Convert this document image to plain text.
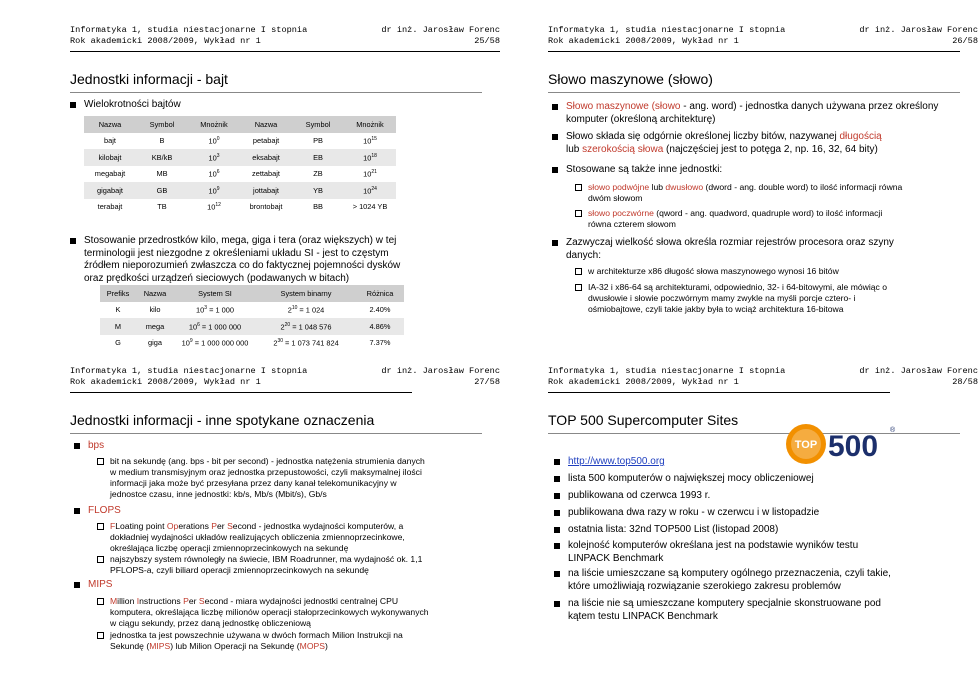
Informatyka 1, studia niestacjonarne I stopnia
Rok akademicki 2008/2009, Wykład nr 1
dr inż. Jarosław Forenc
25/58
Jednostki informacji - bajt
Wielokrotności bajtów
Nazwa	Symbol	Mnożnik	Nazwa	Symbol	Mnożnik
bajt	B	$10^0$	petabajt	PB	$10^{15}$
kilobajt	KB/kB	$10^3$	eksabajt	EB	$10^{18}$
megabajt	MB	$10^6$	zettabajt	ZB	$10^{21}$
gigabajt	GB	$10^9$	jottabajt	YB	$10^{24}$
terabajt	TB	$10^{12}$	brontobajt	BB	> 1024 YB
Stosowanie przedrostków kilo, mega, giga i tera (oraz większych) w tej terminologii jest niezgodne z określeniami układu SI - jest to częstym źródłem nieporozumień zwłaszcza co do faktycznej pojemności dysków oraz prędkości urządzeń sieciowych (podawanych w bitach)
Prefiks	Nazwa	System SI	System binarny	Różnica
K	kilo	$10^3 = 1$ 000	$2^{10} = 1$ 024	2.40%
M	mega	$10^6 = 1$ 000 000	$2^{20} = 1$ 048 576	4.86%
G	giga	$10^9 = 1$ 000 000 000	$2^{30} = 1$ 073 741 824	7.37%
Informatyka 1, studia niestacjonarne I stopnia
Rok akademicki 2008/2009, Wykład nr 1
dr inż. Jarosław Forenc
26/58
Słowo maszynowe (słowo)
Słowo maszynowe (słowo - ang. word) - jednostka danych używana przez określony komputer (określoną architekturę)
Słowo składa się odgórnie określonej liczby bitów, nazywanej długością
lub szerokością słowa (najczęściej jest to potęga 2, np. 16, 32, 64 bity)
Stosowane są także inne jednostki:
słowo podwójne lub dwusłowo (dword - ang. double word) to ilość informacji równa dwóm słowom
słowo poczwórne (qword - ang. quadword, quadruple word) to ilość informacji równa czterem słowom
Zazwyczaj wielkość słowa określa rozmiar rejestrów procesora oraz szyny danych:
w architekturze x86 długość słowa maszynowego wynosi 16 bitów
IA-32 i x86-64 są architekturami, odpowiednio, 32- i 64-bitowymi, ale mówiąc o dwusłowie i słowie poczwórnym mamy zwykle na myśli porcje cztero- i ośmiobajtowe, czyli takie jakby była to wciąż architektura 16-bitowa
Informatyka 1, studia niestacjonarne I stopnia
Rok akademicki 2008/2009, Wykład nr 1
dr inż. Jarosław Forenc
27/58
Jednostki informacji - inne spotykane oznaczenia
bps
bit na sekundę (ang. bps - bit per second) - jednostka natężenia strumienia danych w medium transmisyjnym oraz jednostka przepustowości, czyli maksymalnej ilości informacji jaka może być przesyłana przez dany kanał telekomunikacyjny w jednostce czasu, inne jednostki: kb/s, Mb/s (Mbit/s), Gb/s
FLOPS
FLoating point Operations Per Second - jednostka wydajności komputerów, a dokładniej wydajności układów realizujących obliczenia zmiennoprzecinkowe, określająca liczbę operacji zmiennoprzecinkowych na sekundę
najszybszy system równoległy na świecie, IBM Roadrunner, ma wydajność ok. 1,1 PFLOPS-a, czyli biliard operacji zmiennoprzecinkowych na sekundę
MIPS
Million Instructions Per Second - miara wydajności jednostki centralnej CPU komputera, określająca liczbę milionów operacji stałoprzecinkowych wykonywanych w ciągu sekundy, przez daną jednostkę obliczeniową
jednostka ta jest powszechnie używana w dwóch formach Milion Instrukcji na Sekundę (MIPS) lub Milion Operacji na Sekundę (MOPS)
Informatyka 1, studia niestacjonarne I stopnia
Rok akademicki 2008/2009, Wykład nr 1
dr inż. Jarosław Forenc
28/58
TOP 500 Supercomputer Sites
TOP 500 ®
http://www.top500.org
lista 500 komputerów o największej mocy obliczeniowej
publikowana od czerwca 1993 r.
publikowana dwa razy w roku - w czerwcu i w listopadzie
ostatnia lista: 32nd TOP500 List (listopad 2008)
kolejność komputerów określana jest na podstawie wyników testu LINPACK Benchmark
na liście umieszczane są komputery ogólnego przeznaczenia, czyli takie, które umożliwiają rozwiązanie szerokiego zakresu problemów
na liście nie są umieszczane komputery specjalnie skonstruowane pod kątem testu LINPACK Benchmark
